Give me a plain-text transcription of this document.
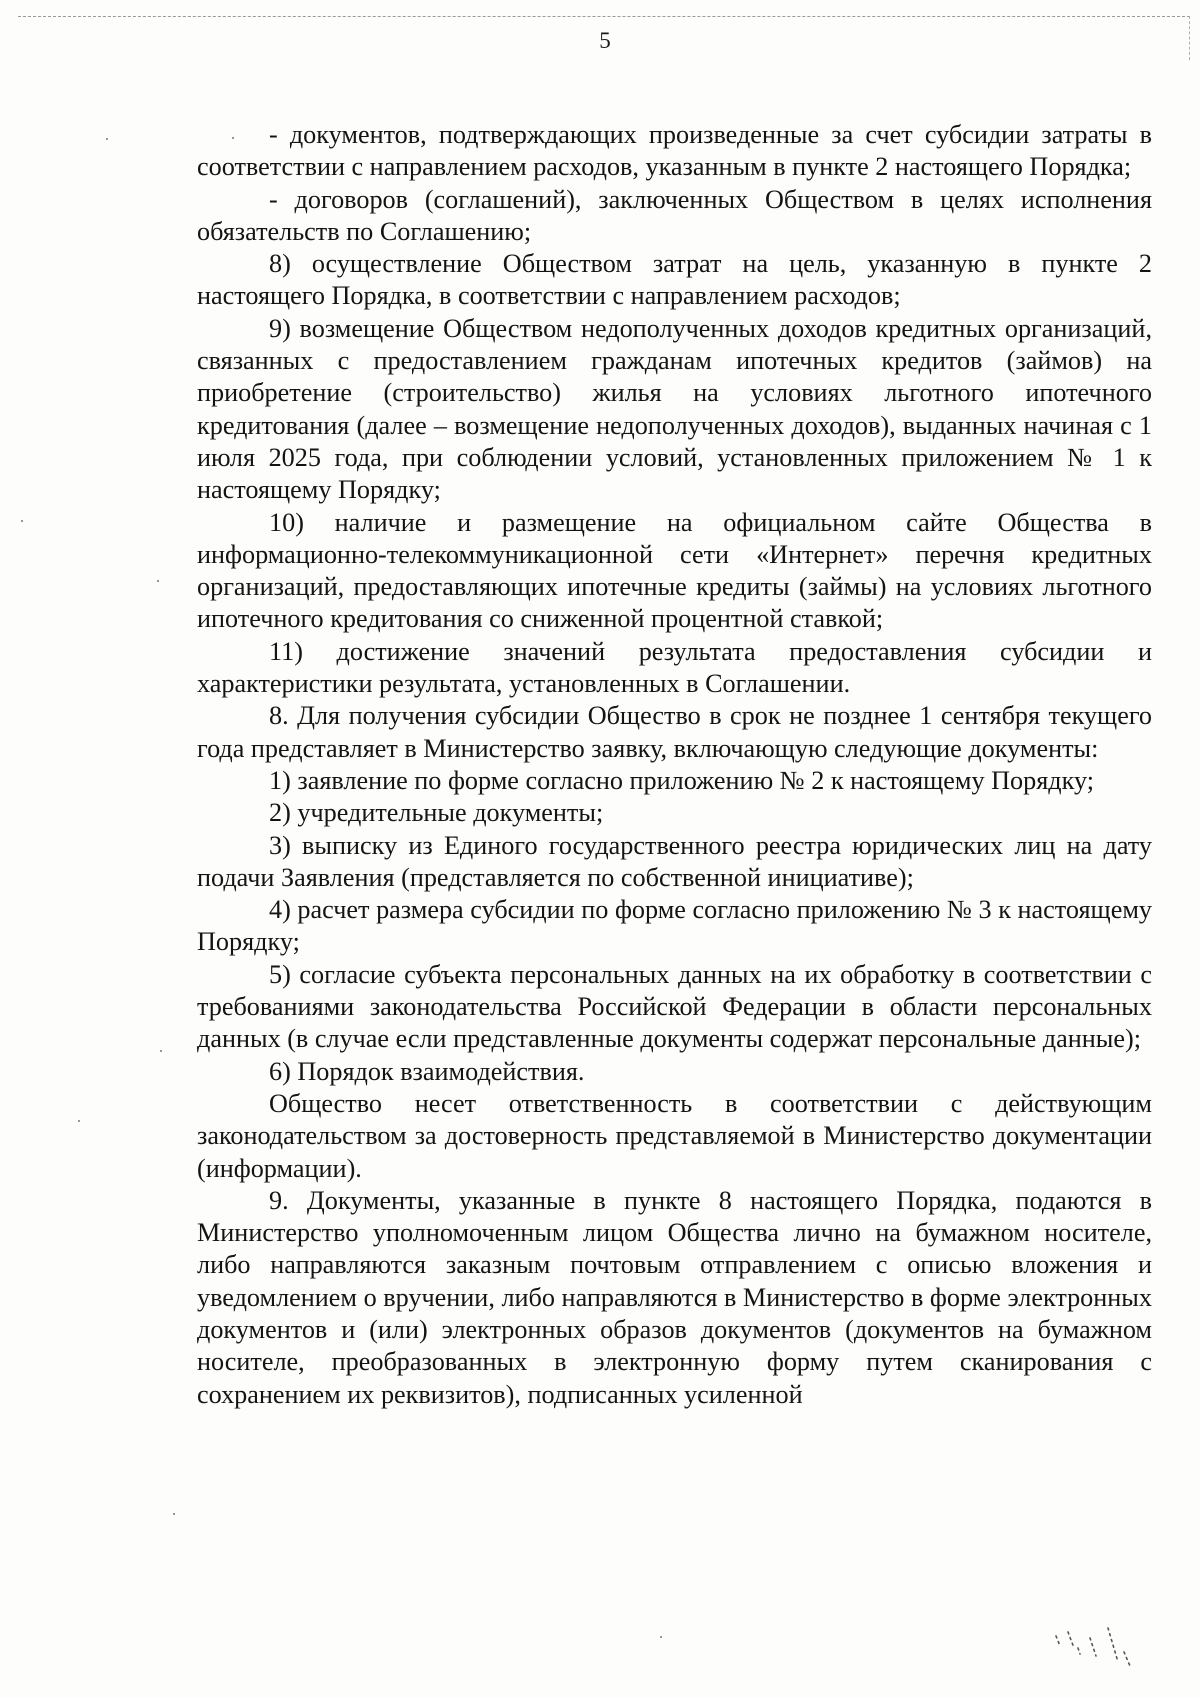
5

- документов, подтверждающих произведенные за счет субсидии затраты в соответствии с направлением расходов, указанным в пункте 2 настоящего Порядка;

- договоров (соглашений), заключенных Обществом в целях исполнения обязательств по Соглашению;

8) осуществление Обществом затрат на цель, указанную в пункте 2 настоящего Порядка, в соответствии с направлением расходов;

9) возмещение Обществом недополученных доходов кредитных организаций, связанных с предоставлением гражданам ипотечных кредитов (займов) на приобретение (строительство) жилья на условиях льготного ипотечного кредитования (далее – возмещение недополученных доходов), выданных начиная с 1 июля 2025 года, при соблюдении условий, установленных приложением № 1 к настоящему Порядку;

10) наличие и размещение на официальном сайте Общества в информационно-телекоммуникационной сети «Интернет» перечня кредитных организаций, предоставляющих ипотечные кредиты (займы) на условиях льготного ипотечного кредитования со сниженной процентной ставкой;

11) достижение значений результата предоставления субсидии и характеристики результата, установленных в Соглашении.

8. Для получения субсидии Общество в срок не позднее 1 сентября текущего года представляет в Министерство заявку, включающую следующие документы:

1) заявление по форме согласно приложению № 2 к настоящему Порядку;

2) учредительные документы;

3) выписку из Единого государственного реестра юридических лиц на дату подачи Заявления (представляется по собственной инициативе);

4) расчет размера субсидии по форме согласно приложению № 3 к настоящему Порядку;

5) согласие субъекта персональных данных на их обработку в соответствии с требованиями законодательства Российской Федерации в области персональных данных (в случае если представленные документы содержат персональные данные);

6) Порядок взаимодействия.

Общество несет ответственность в соответствии с действующим законодательством за достоверность представляемой в Министерство документации (информации).

9. Документы, указанные в пункте 8 настоящего Порядка, подаются в Министерство уполномоченным лицом Общества лично на бумажном носителе, либо направляются заказным почтовым отправлением с описью вложения и уведомлением о вручении, либо направляются в Министерство в форме электронных документов и (или) электронных образов документов (документов на бумажном носителе, преобразованных в электронную форму путем сканирования с сохранением их реквизитов), подписанных усиленной
